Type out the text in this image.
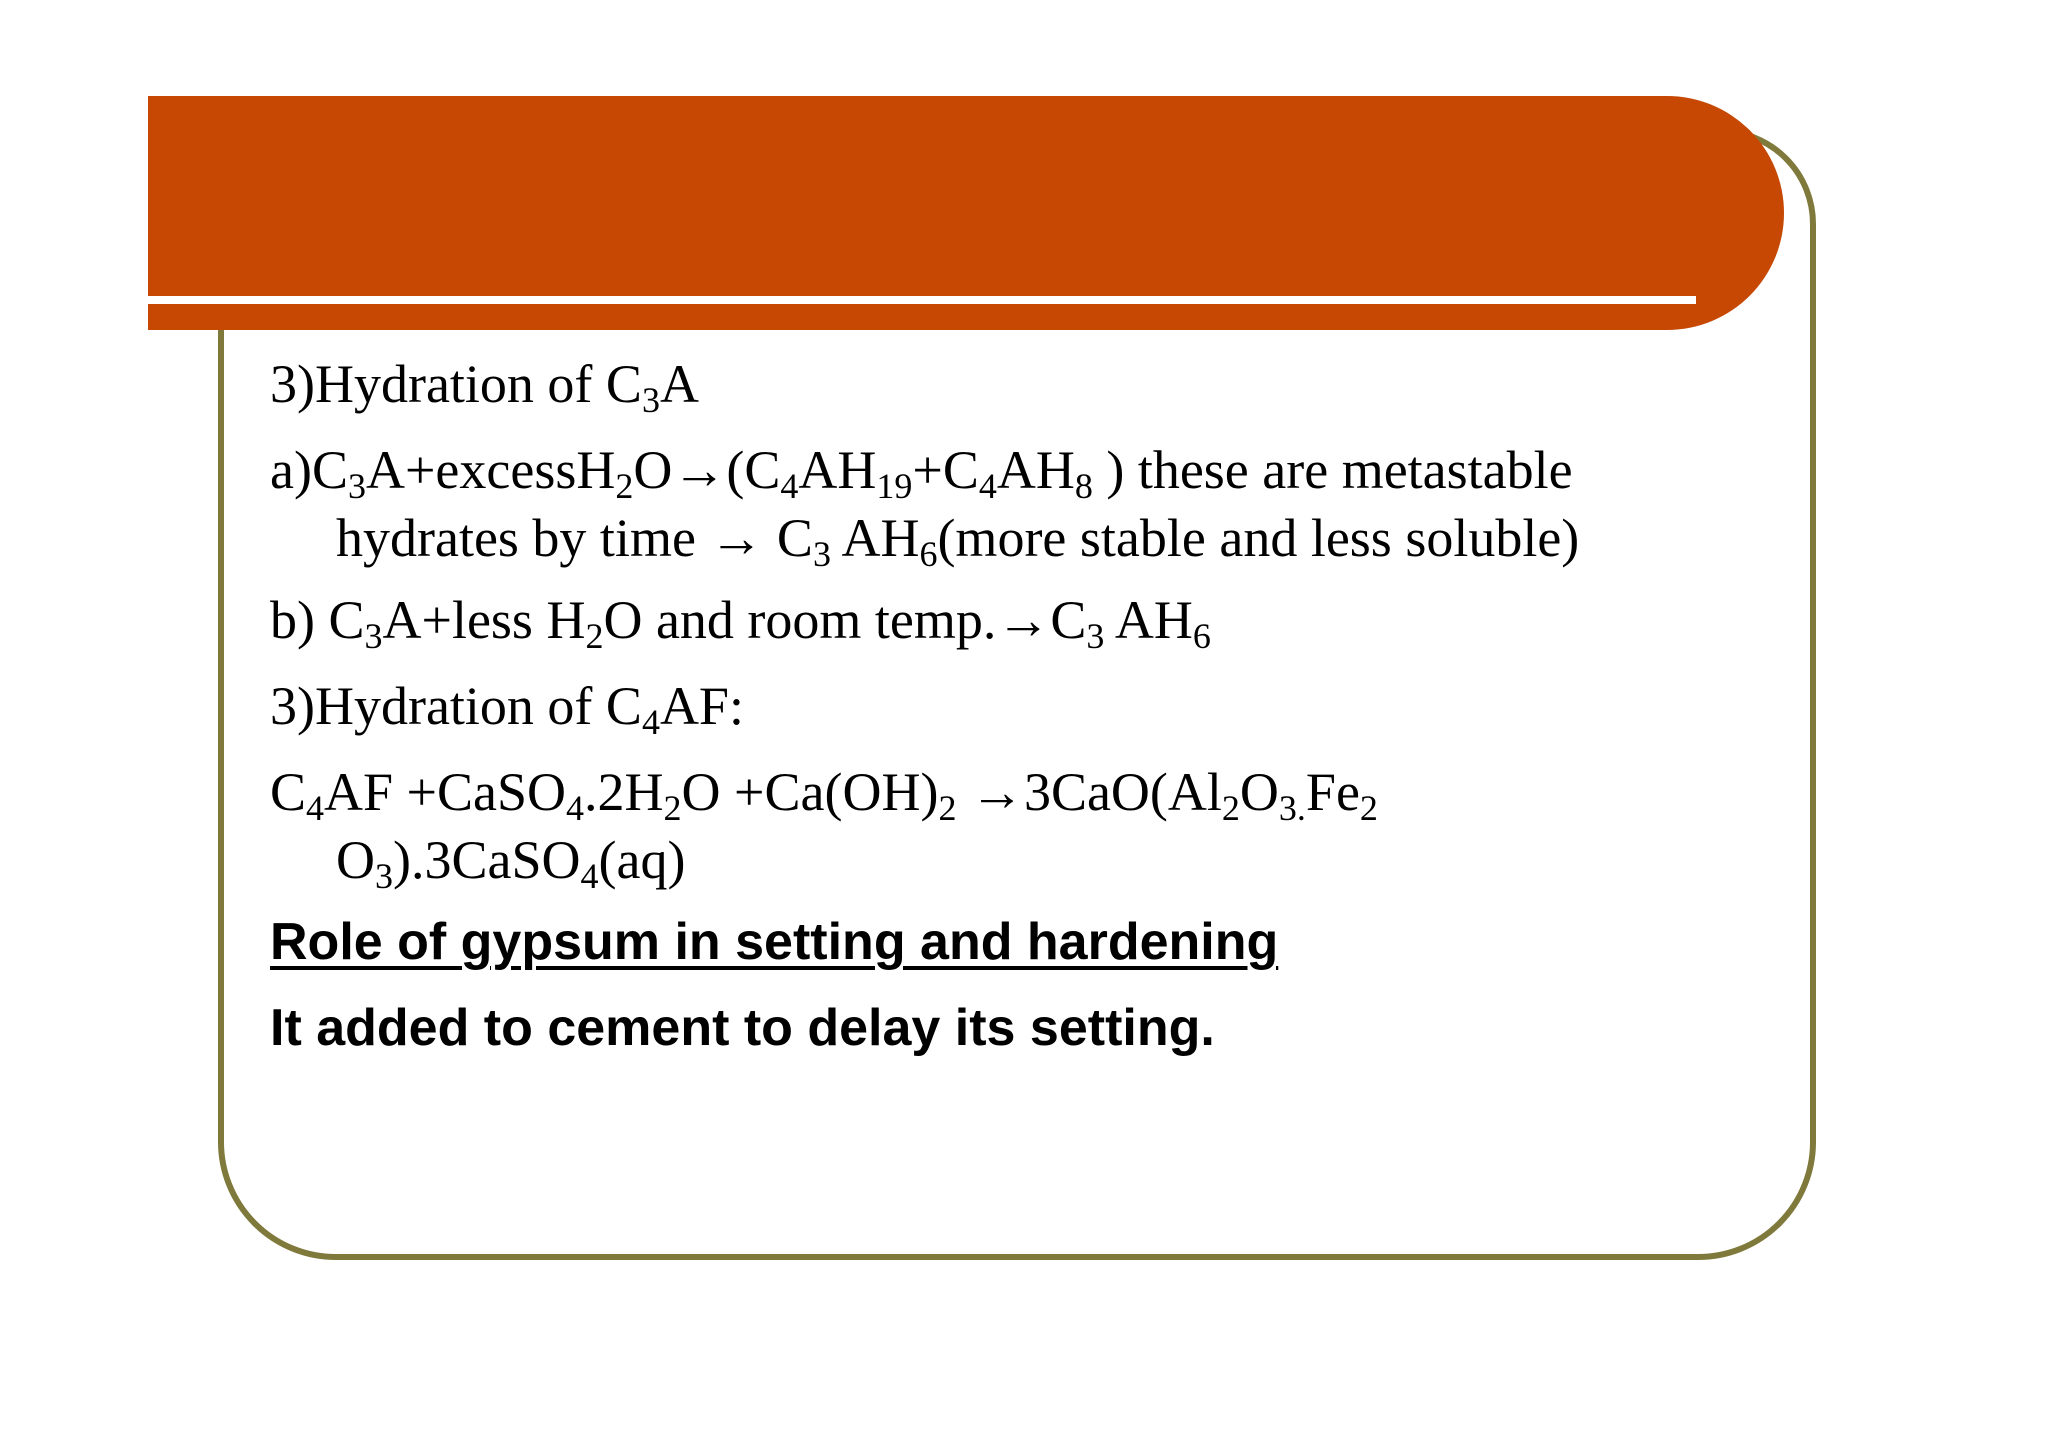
3)Hydration of $C_3A$
$a)C_3A+excessH_2O\to(C_4AH_{19}+C_4AH_8$ ) these are metastable
hydrates by time → $C_3$ $AH_6(more$ stable and less soluble)
b) $C_3A+less$ $H_2O$ and room $temp.\to C_3$ $AH_6$
3)Hydration of $C_4AF$:
$C_4AF$ $+CaSO_4.2H_2O +Ca(OH)_2 \to 3CaO(Al_2O_{3.}Fe_2$
$O_3).3CaSO_4(aq)$
Role of gypsum in setting and hardening
It added to cement to delay its setting.
